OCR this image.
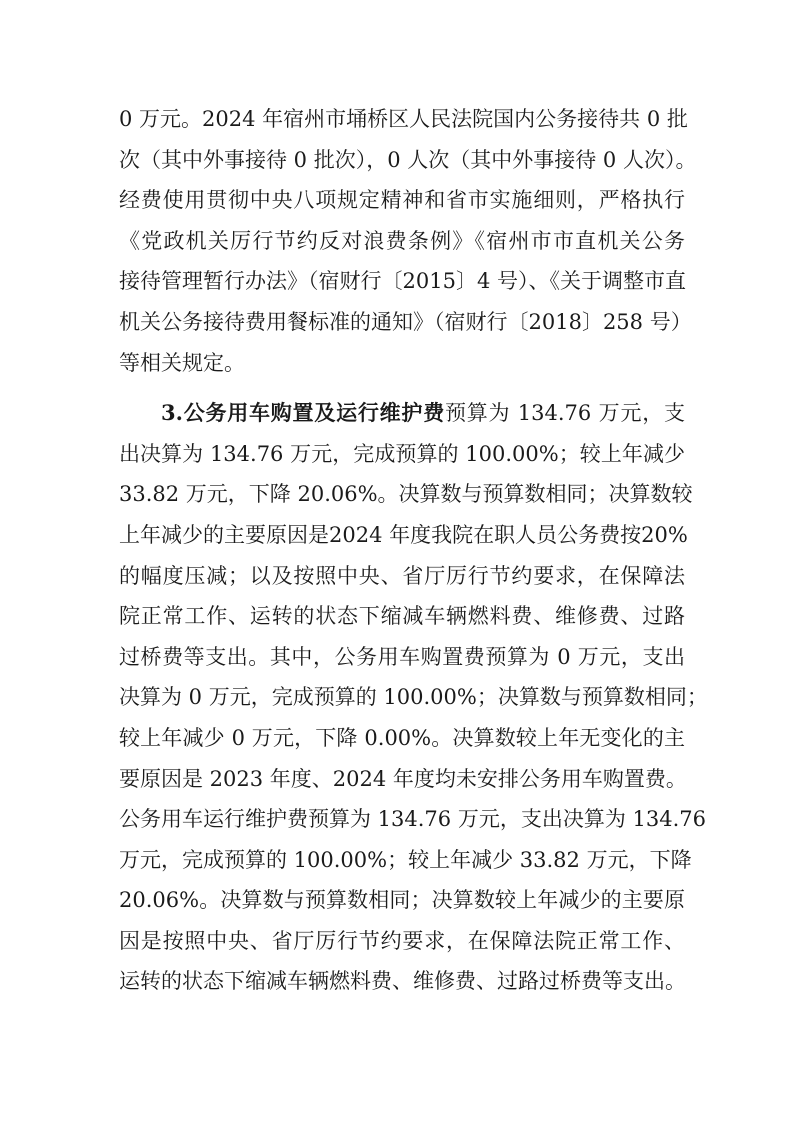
0 万元。2024 年宿州市埇桥区人民法院国内公务接待共 0 批
次（其中外事接待 0 批次），0 人次（其中外事接待 0 人次）。
经费使用贯彻中央八项规定精神和省市实施细则，严格执行
《党政机关厉行节约反对浪费条例》《宿州市市直机关公务
接待管理暂行办法》（宿财行〔2015〕4 号）、《关于调整市直
机关公务接待费用餐标准的通知》（宿财行〔2018〕258 号）
等相关规定。
3.公务用车购置及运行维护费预算为 134.76 万元，支
出决算为 134.76 万元，完成预算的 100.00%；较上年减少
33.82 万元，下降 20.06%。决算数与预算数相同；决算数较
上年减少的主要原因是2024 年度我院在职人员公务费按20%
的幅度压减；以及按照中央、省厅厉行节约要求，在保障法
院正常工作、运转的状态下缩减车辆燃料费、维修费、过路
过桥费等支出。其中，公务用车购置费预算为 0 万元，支出
决算为 0 万元，完成预算的 100.00%；决算数与预算数相同；
较上年减少 0 万元，下降 0.00%。决算数较上年无变化的主
要原因是 2023 年度、2024 年度均未安排公务用车购置费。
公务用车运行维护费预算为 134.76 万元，支出决算为 134.76
万元，完成预算的 100.00%；较上年减少 33.82 万元，下降
20.06%。决算数与预算数相同；决算数较上年减少的主要原
因是按照中央、省厅厉行节约要求，在保障法院正常工作、
运转的状态下缩减车辆燃料费、维修费、过路过桥费等支出。
